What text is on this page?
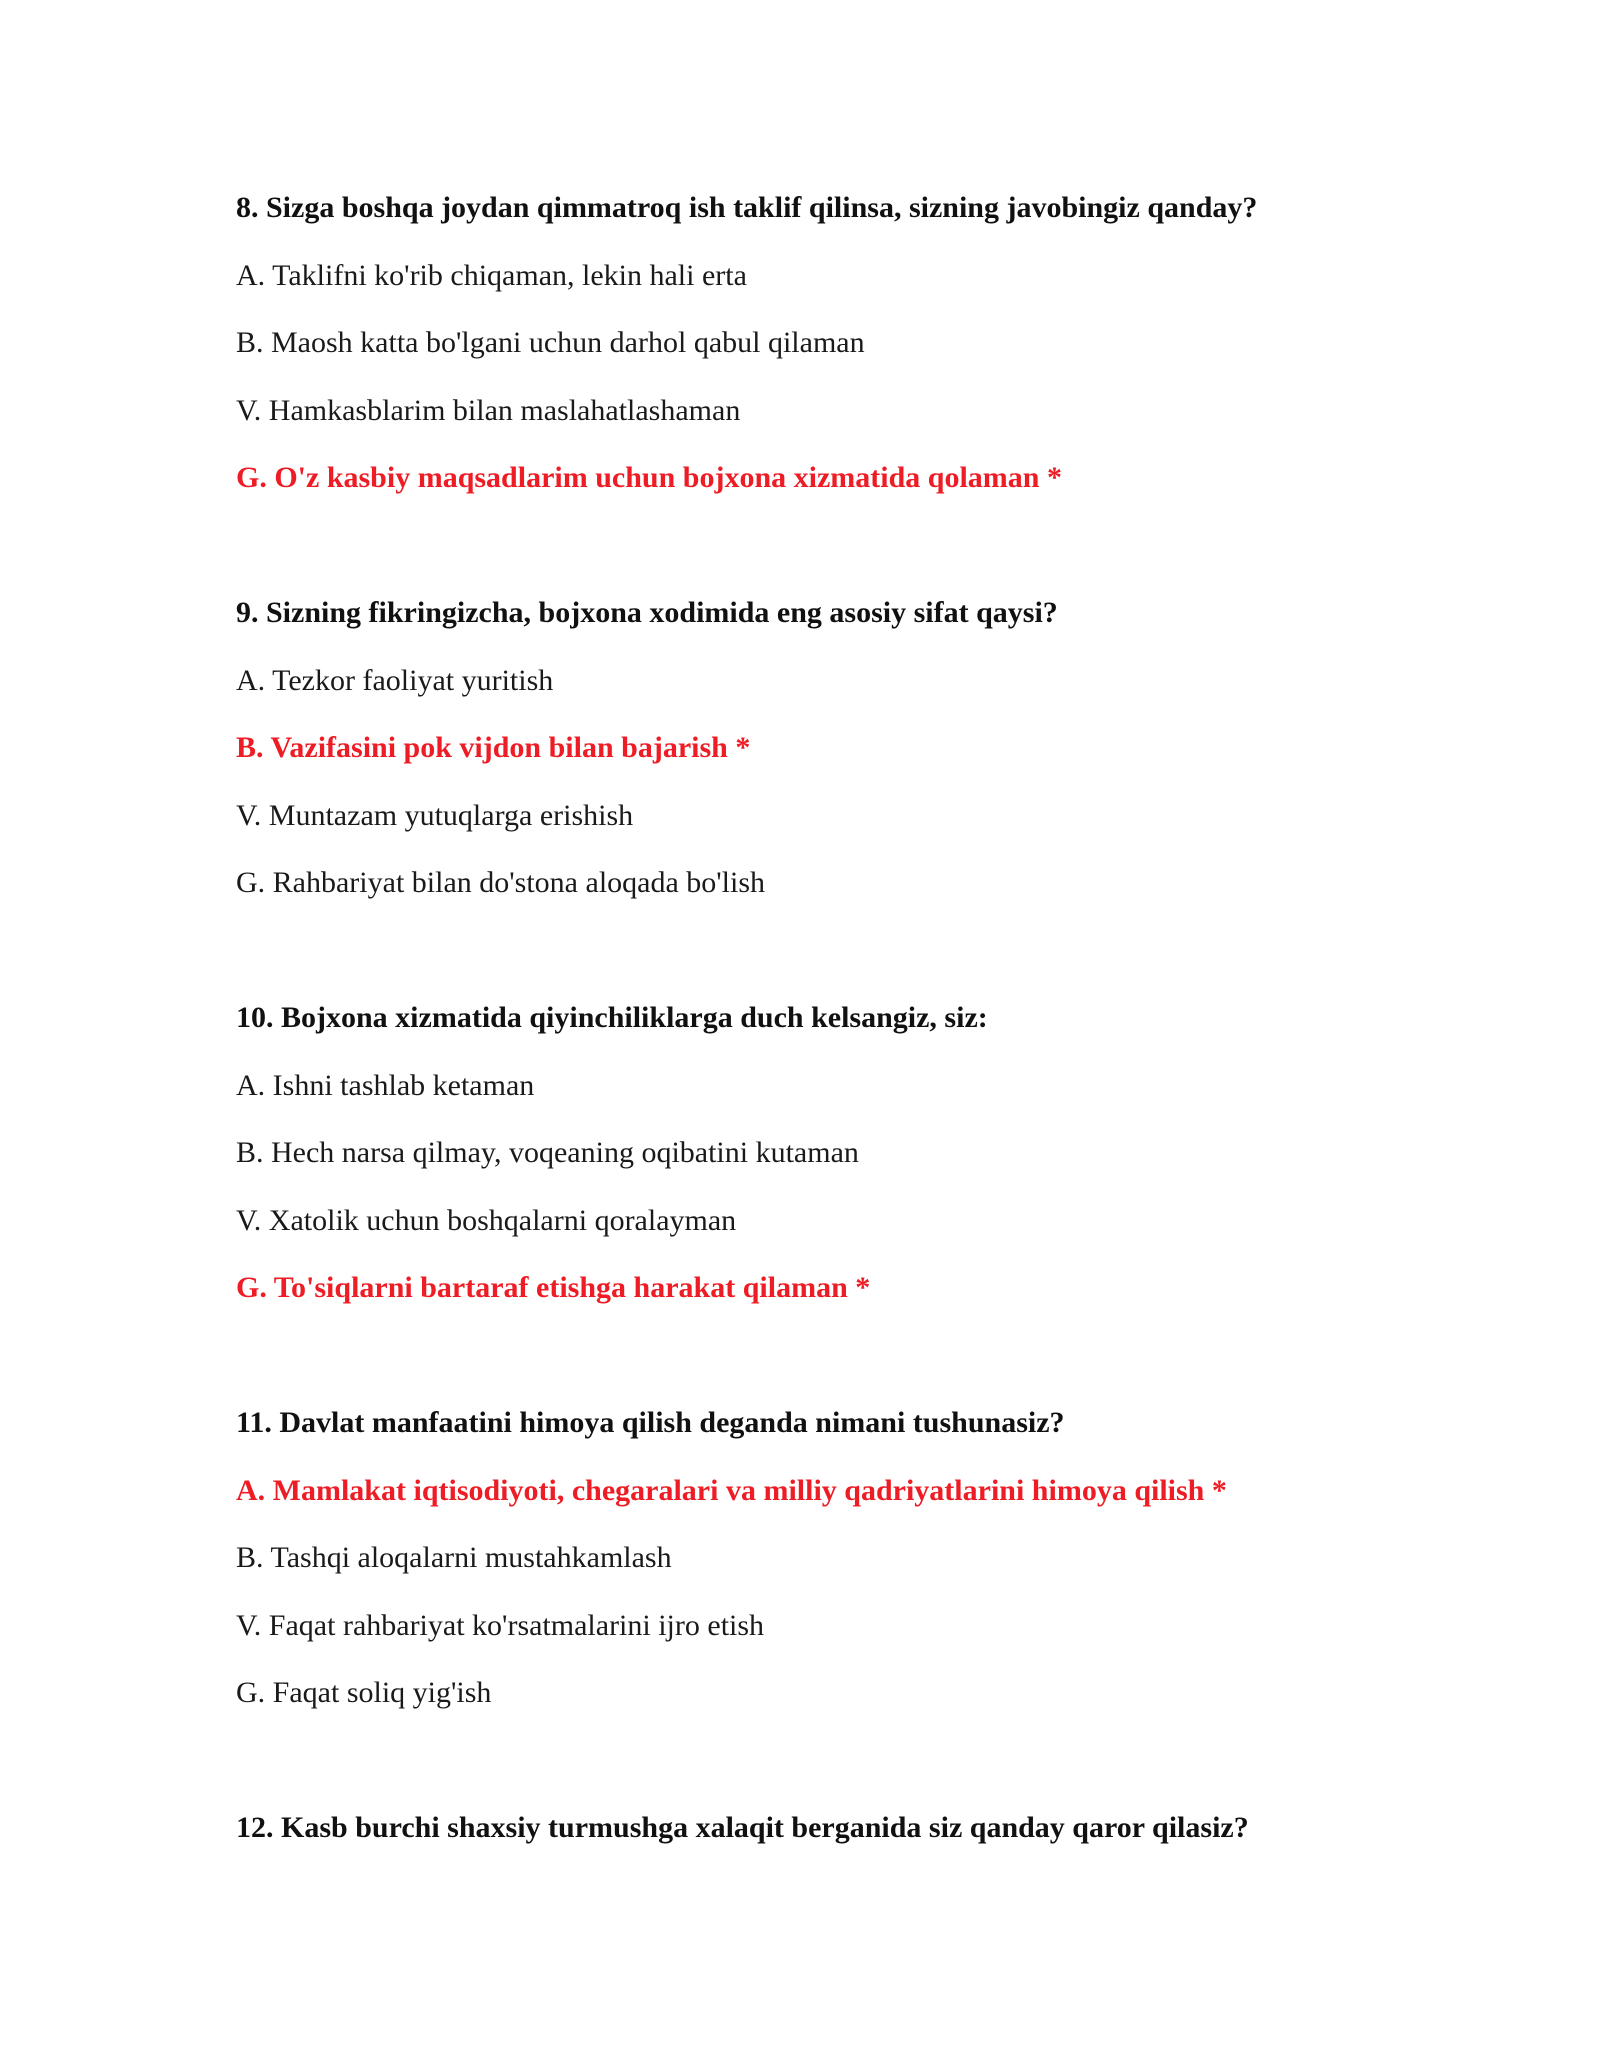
8. Sizga boshqa joydan qimmatroq ish taklif qilinsa, sizning javobingiz qanday?
A. Taklifni ko'rib chiqaman, lekin hali erta
B. Maosh katta bo'lgani uchun darhol qabul qilaman
V. Hamkasblarim bilan maslahatlashaman
G. O'z kasbiy maqsadlarim uchun bojxona xizmatida qolaman *
9. Sizning fikringizcha, bojxona xodimida eng asosiy sifat qaysi?
A. Tezkor faoliyat yuritish
B. Vazifasini pok vijdon bilan bajarish *
V. Muntazam yutuqlarga erishish
G. Rahbariyat bilan do'stona aloqada bo'lish
10. Bojxona xizmatida qiyinchiliklarga duch kelsangiz, siz:
A. Ishni tashlab ketaman
B. Hech narsa qilmay, voqeaning oqibatini kutaman
V. Xatolik uchun boshqalarni qoralayman
G. To'siqlarni bartaraf etishga harakat qilaman *
11. Davlat manfaatini himoya qilish deganda nimani tushunasiz?
A. Mamlakat iqtisodiyoti, chegaralari va milliy qadriyatlarini himoya qilish *
B. Tashqi aloqalarni mustahkamlash
V. Faqat rahbariyat ko'rsatmalarini ijro etish
G. Faqat soliq yig'ish
12. Kasb burchi shaxsiy turmushga xalaqit berganida siz qanday qaror qilasiz?
